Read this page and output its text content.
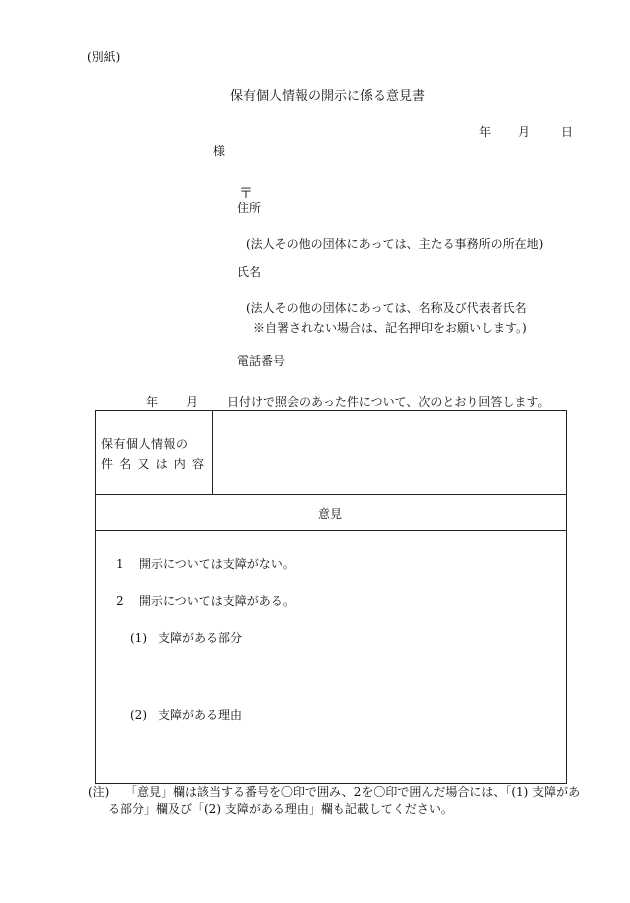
(別紙)
保有個人情報の開示に係る意見書
年 月	日
様
〒
住所
(法人その他の団体にあっては、主たる事務所の所在地)
氏名
(法人その他の団体にあっては、名称及び代表者氏名
※自署されない場合は、記名押印をお願いします。)
電話番号
年 月 日付けで照会のあった件について、次のとおり回答します。
保有個人情報の
件名又は内容
意見
1 開示については支障がない。
2 開示については支障がある。
(1) 支障がある部分
(2) 支障がある理由
(注) 「意見」欄は該当する番号を〇印で囲み、2を〇印で囲んだ場合には、「(1) 支障があ
る部分」欄及び「(2) 支障がある理由」欄も記載してください。
